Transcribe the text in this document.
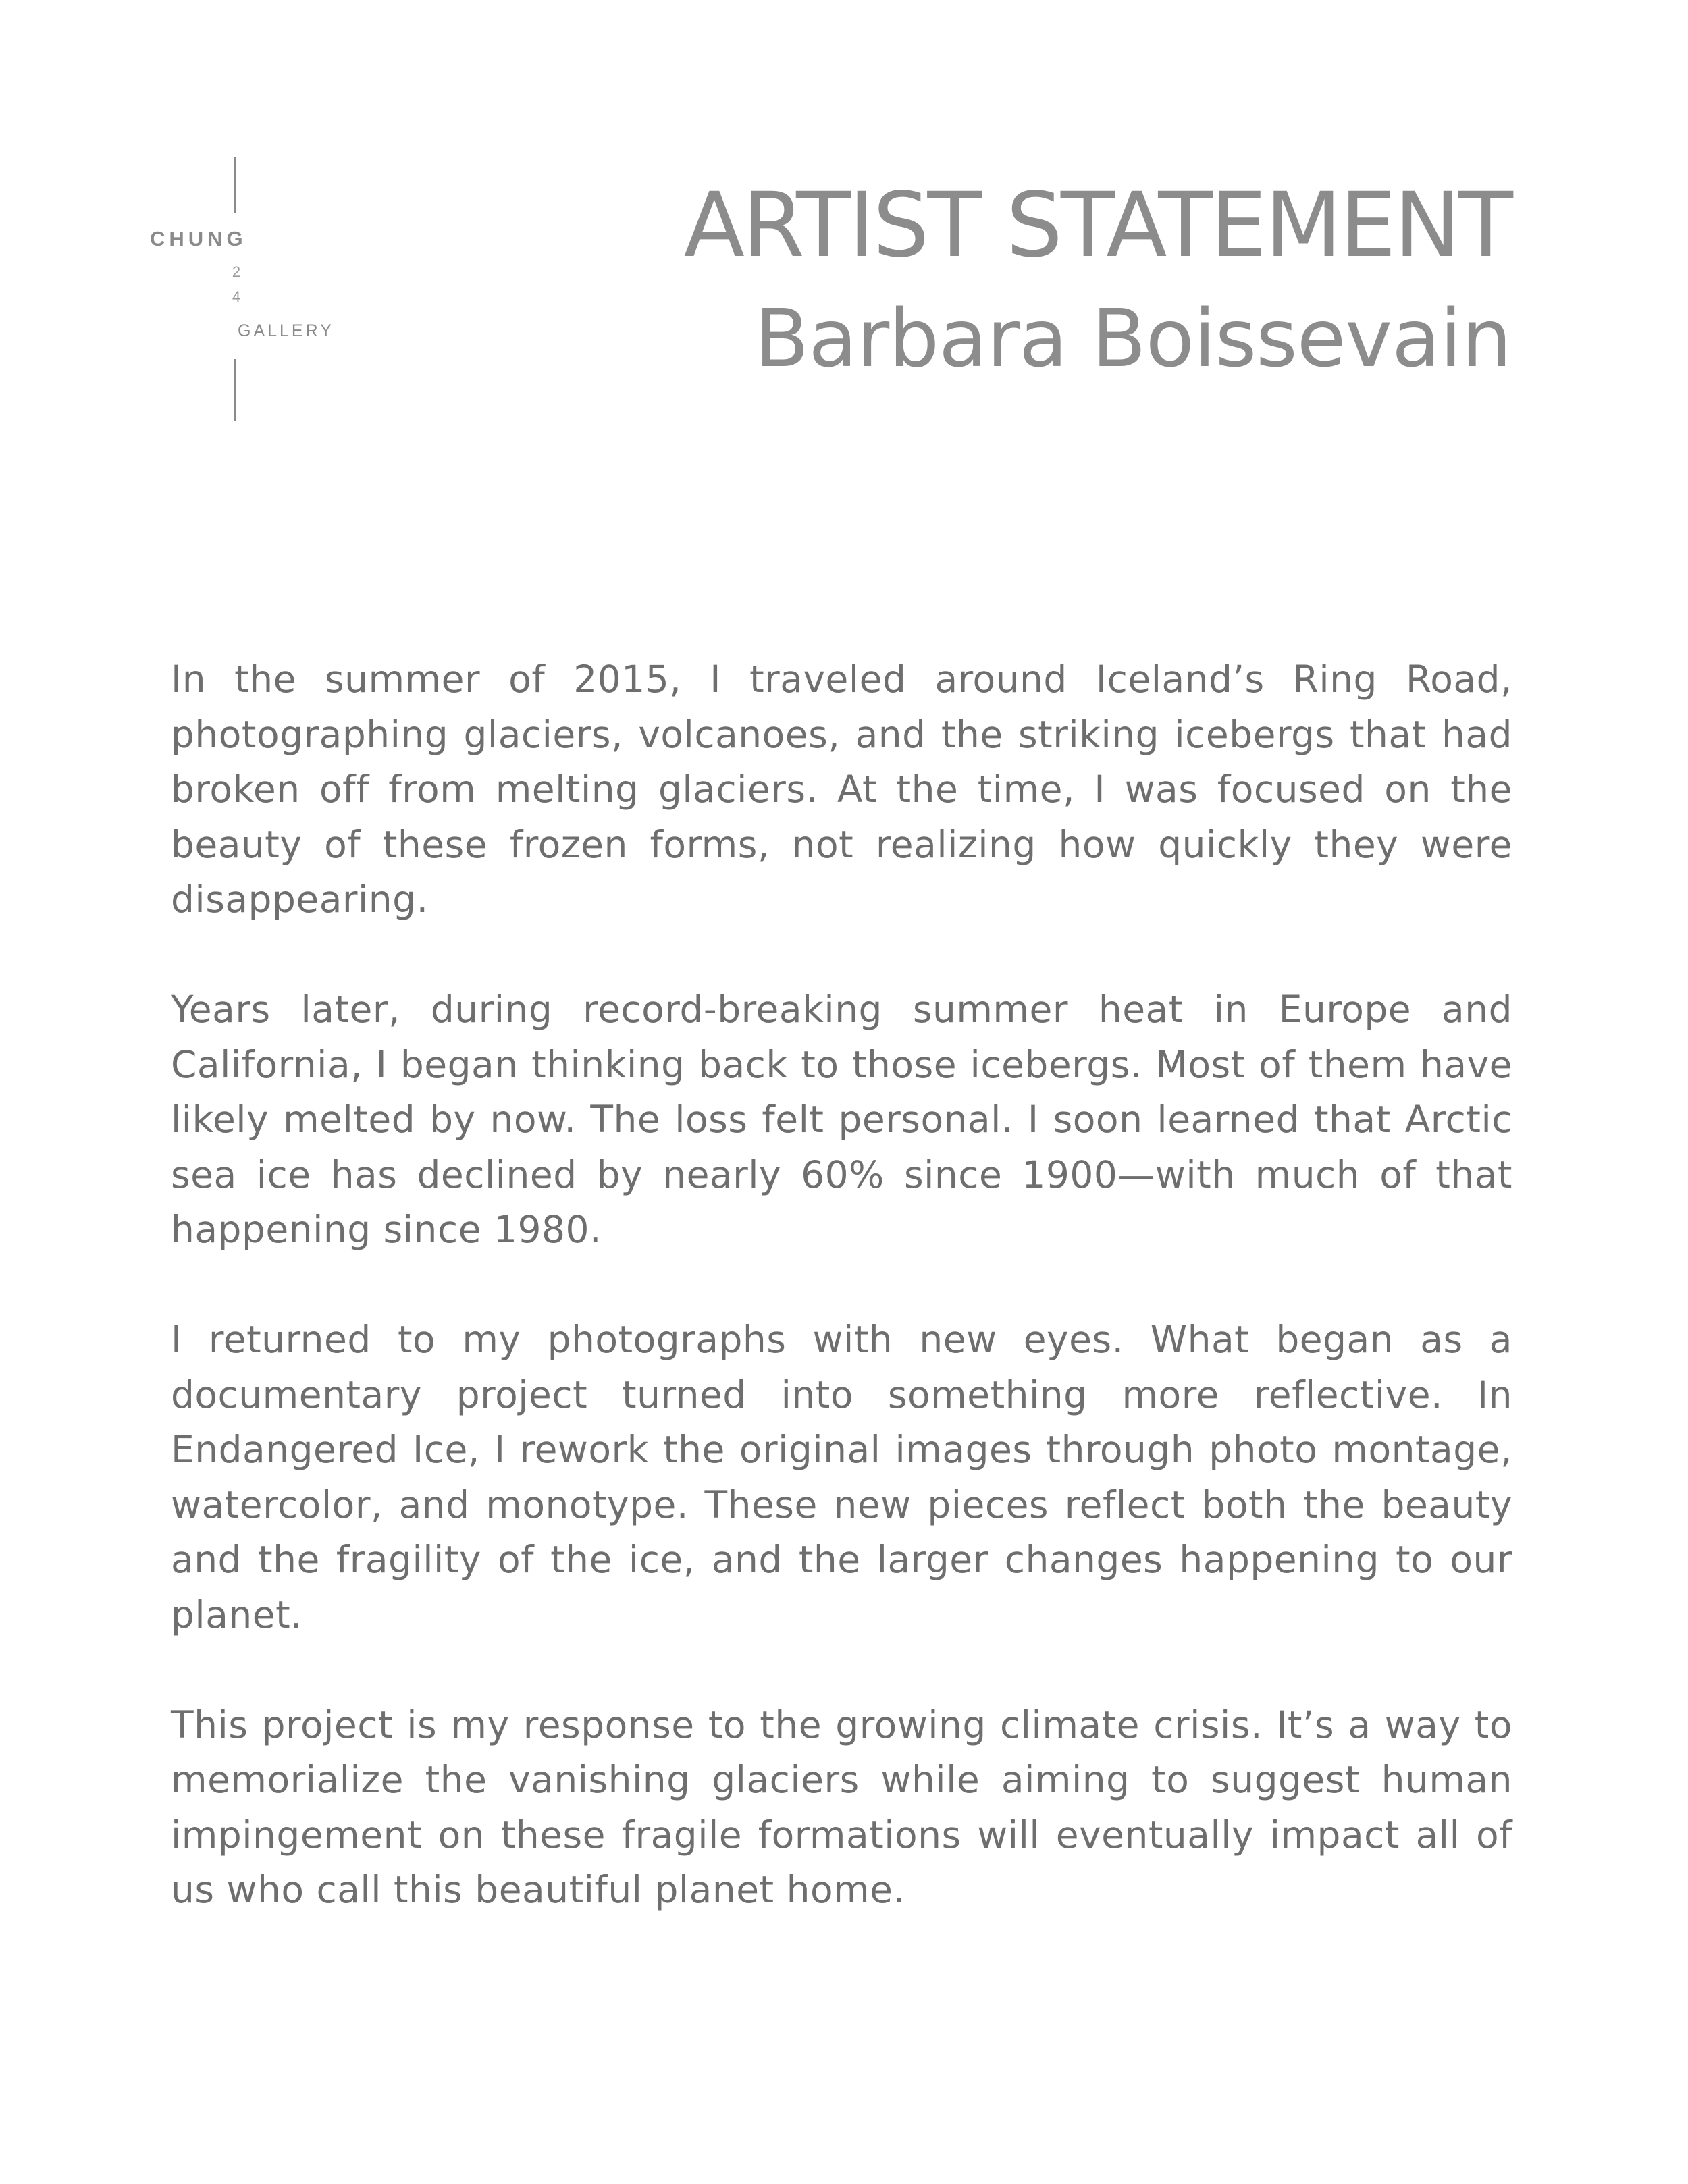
CHUNG
2
4
GALLERY
ARTIST STATEMENT
Barbara Boissevain

In the summer of 2015, I traveled around Iceland’s Ring Road, photographing glaciers, volcanoes, and the striking icebergs that had broken off from melting glaciers. At the time, I was focused on the beauty of these frozen forms, not realizing how quickly they were disappearing.

Years later, during record-breaking summer heat in Europe and California, I began thinking back to those icebergs. Most of them have likely melted by now. The loss felt personal. I soon learned that Arctic sea ice has declined by nearly 60% since 1900—with much of that happening since 1980.

I returned to my photographs with new eyes. What began as a documentary project turned into something more reflective. In Endangered Ice, I rework the original images through photo montage, watercolor, and monotype. These new pieces reflect both the beauty and the fragility of the ice, and the larger changes happening to our planet.

This project is my response to the growing climate crisis. It’s a way to memorialize the vanishing glaciers while aiming to suggest human impingement on these fragile formations will eventually impact all of us who call this beautiful planet home.
